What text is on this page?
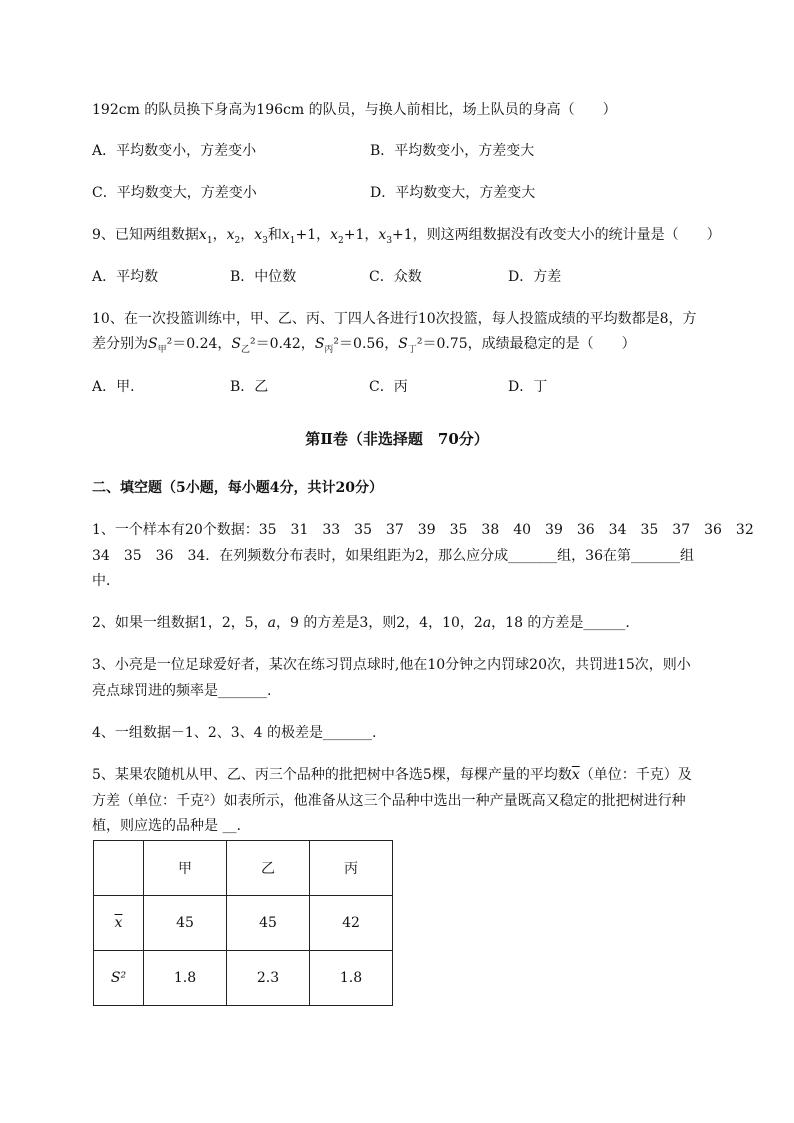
192cm 的队员换下身高为196cm 的队员，与换人前相比，场上队员的身高（　　）
A．平均数变小，方差变小	B．平均数变小，方差变大
C．平均数变大，方差变小	D．平均数变大，方差变大
9、已知两组数据$x_1$，$x_2$，$x_3$和$x_1+1$，$x_2+1$，$x_3+1$，则这两组数据没有改变大小的统计量是（　　）
A．平均数	B．中位数	C．众数	D．方差
10、在一次投篮训练中，甲、乙、丙、丁四人各进行10次投篮，每人投篮成绩的平均数都是8，方
差分别为$S_甲^2=0.24$，$S_乙^2=0.42$，$S_丙^2=0.56$，$S_丁^2=0.75$，成绩最稳定的是（　　）
A．甲．	B．乙	C．丙	D．丁
第Ⅱ卷（非选择题　70分）
二、填空题（5小题，每小题4分，共计20分）
1、一个样本有20个数据：35　31　33　35　37　39　35　38　40　39　36　34　35　37　36　32
34　35　36　34．在列频数分布表时，如果组距为2，那么应分成_______组，36在第_______组
中．
2、如果一组数据1，2，5，a，9 的方差是3，则2，4，10，2a，18 的方差是______.
3、小亮是一位足球爱好者，某次在练习罚点球时,他在10分钟之内罚球20次，共罚进15次，则小
亮点球罚进的频率是_______.
4、一组数据－1、2、3、4 的极差是_______.
5、某果农随机从甲、乙、丙三个品种的批把树中各选5棵，每棵产量的平均数$\overline{x}$（单位：千克）及
方差（单位：千克²）如表所示，他准备从这三个品种中选出一种产量既高又稳定的批把树进行种
植，则应选的品种是 __.
	甲	乙	丙
$\overline{x}$	45	45	42
S²	1.8	2.3	1.8
